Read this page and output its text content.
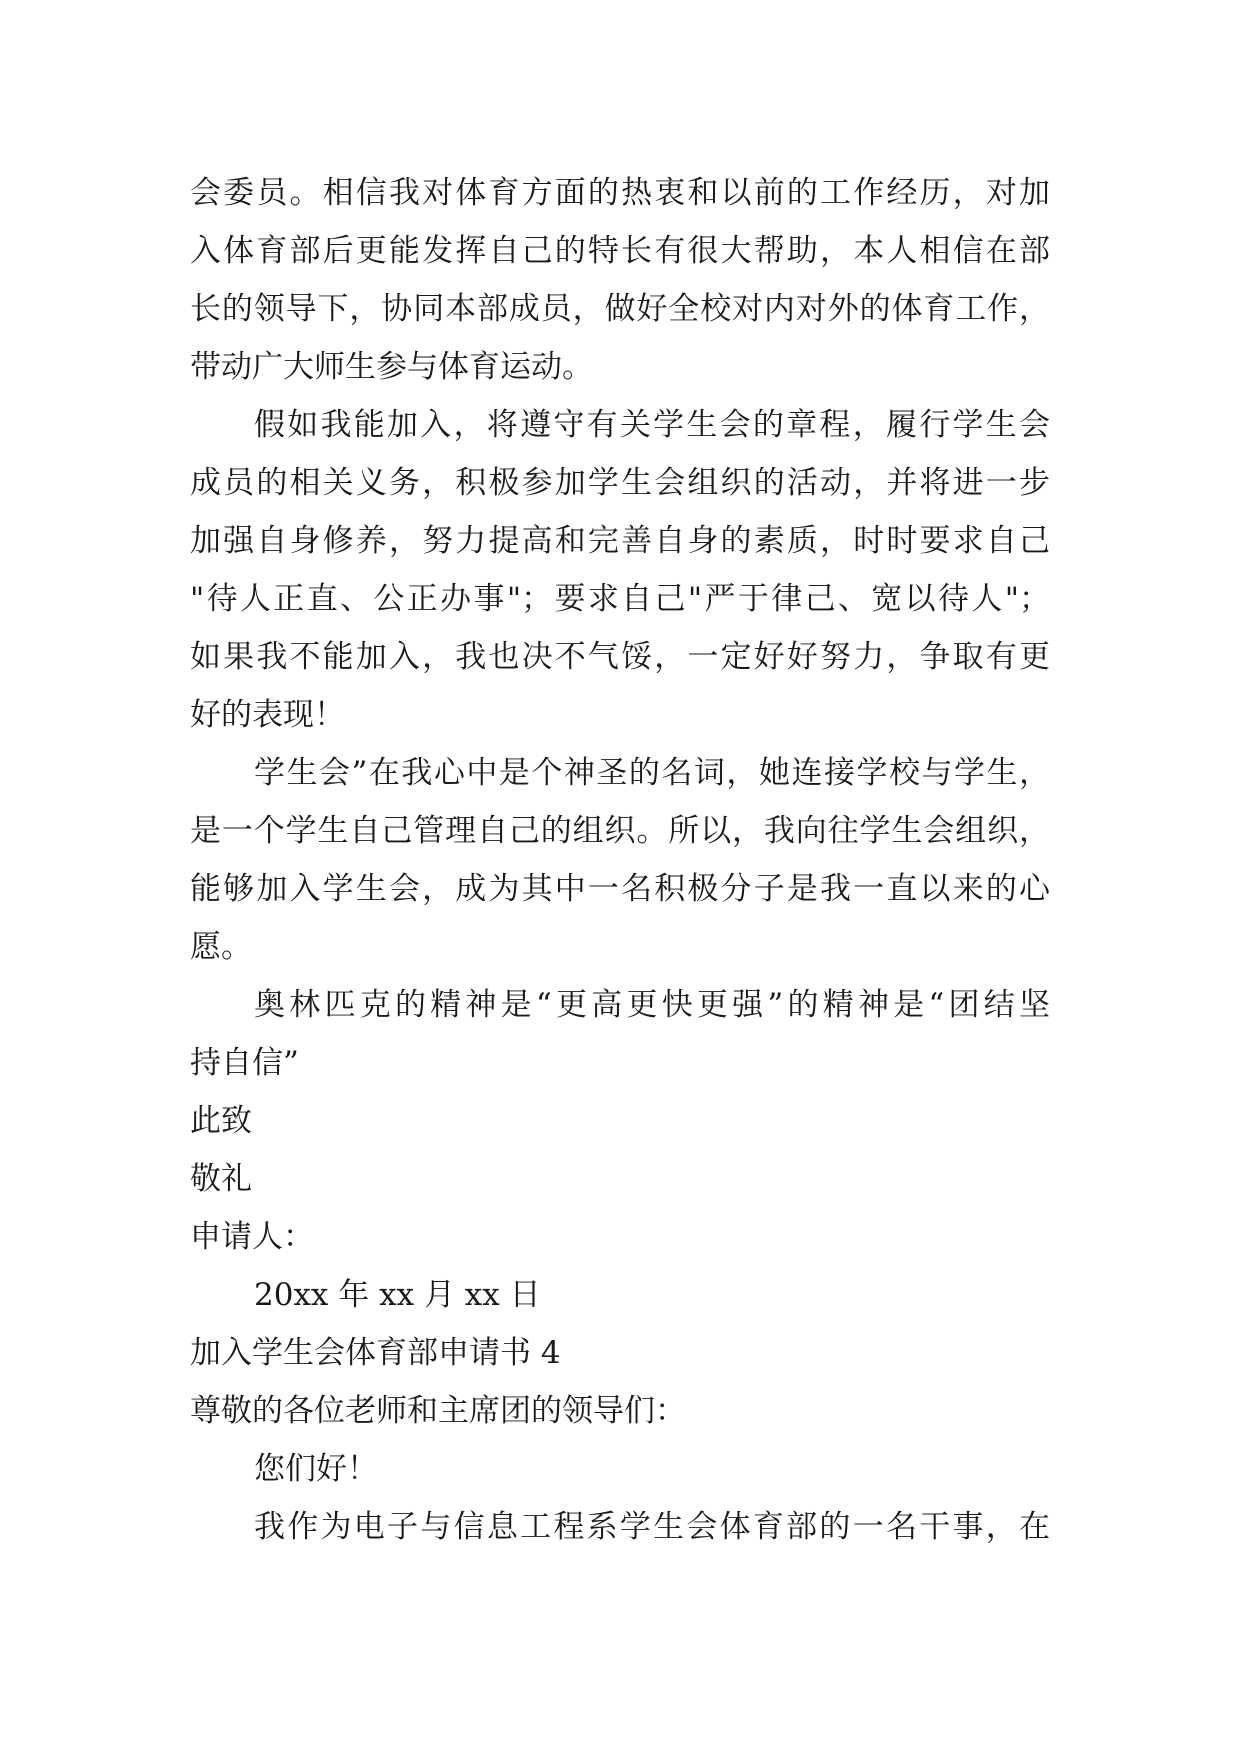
会委员。相信我对体育方面的热衷和以前的工作经历，对加
入体育部后更能发挥自己的特长有很大帮助，本人相信在部
长的领导下，协同本部成员，做好全校对内对外的体育工作，
带动广大师生参与体育运动。
假如我能加入，将遵守有关学生会的章程，履行学生会
成员的相关义务，积极参加学生会组织的活动，并将进一步
加强自身修养，努力提高和完善自身的素质，时时要求自己
"待人正直、公正办事"；要求自己"严于律己、宽以待人"；
如果我不能加入，我也决不气馁，一定好好努力，争取有更
好的表现！
学生会”在我心中是个神圣的名词，她连接学校与学生，
是一个学生自己管理自己的组织。所以，我向往学生会组织，
能够加入学生会，成为其中一名积极分子是我一直以来的心
愿。
奥林匹克的精神是“更高更快更强”的精神是“团结坚
持自信”
此致
敬礼
申请人：
20xx 年 xx 月 xx 日
加入学生会体育部申请书 4
尊敬的各位老师和主席团的领导们：
您们好！
我作为电子与信息工程系学生会体育部的一名干事，在
